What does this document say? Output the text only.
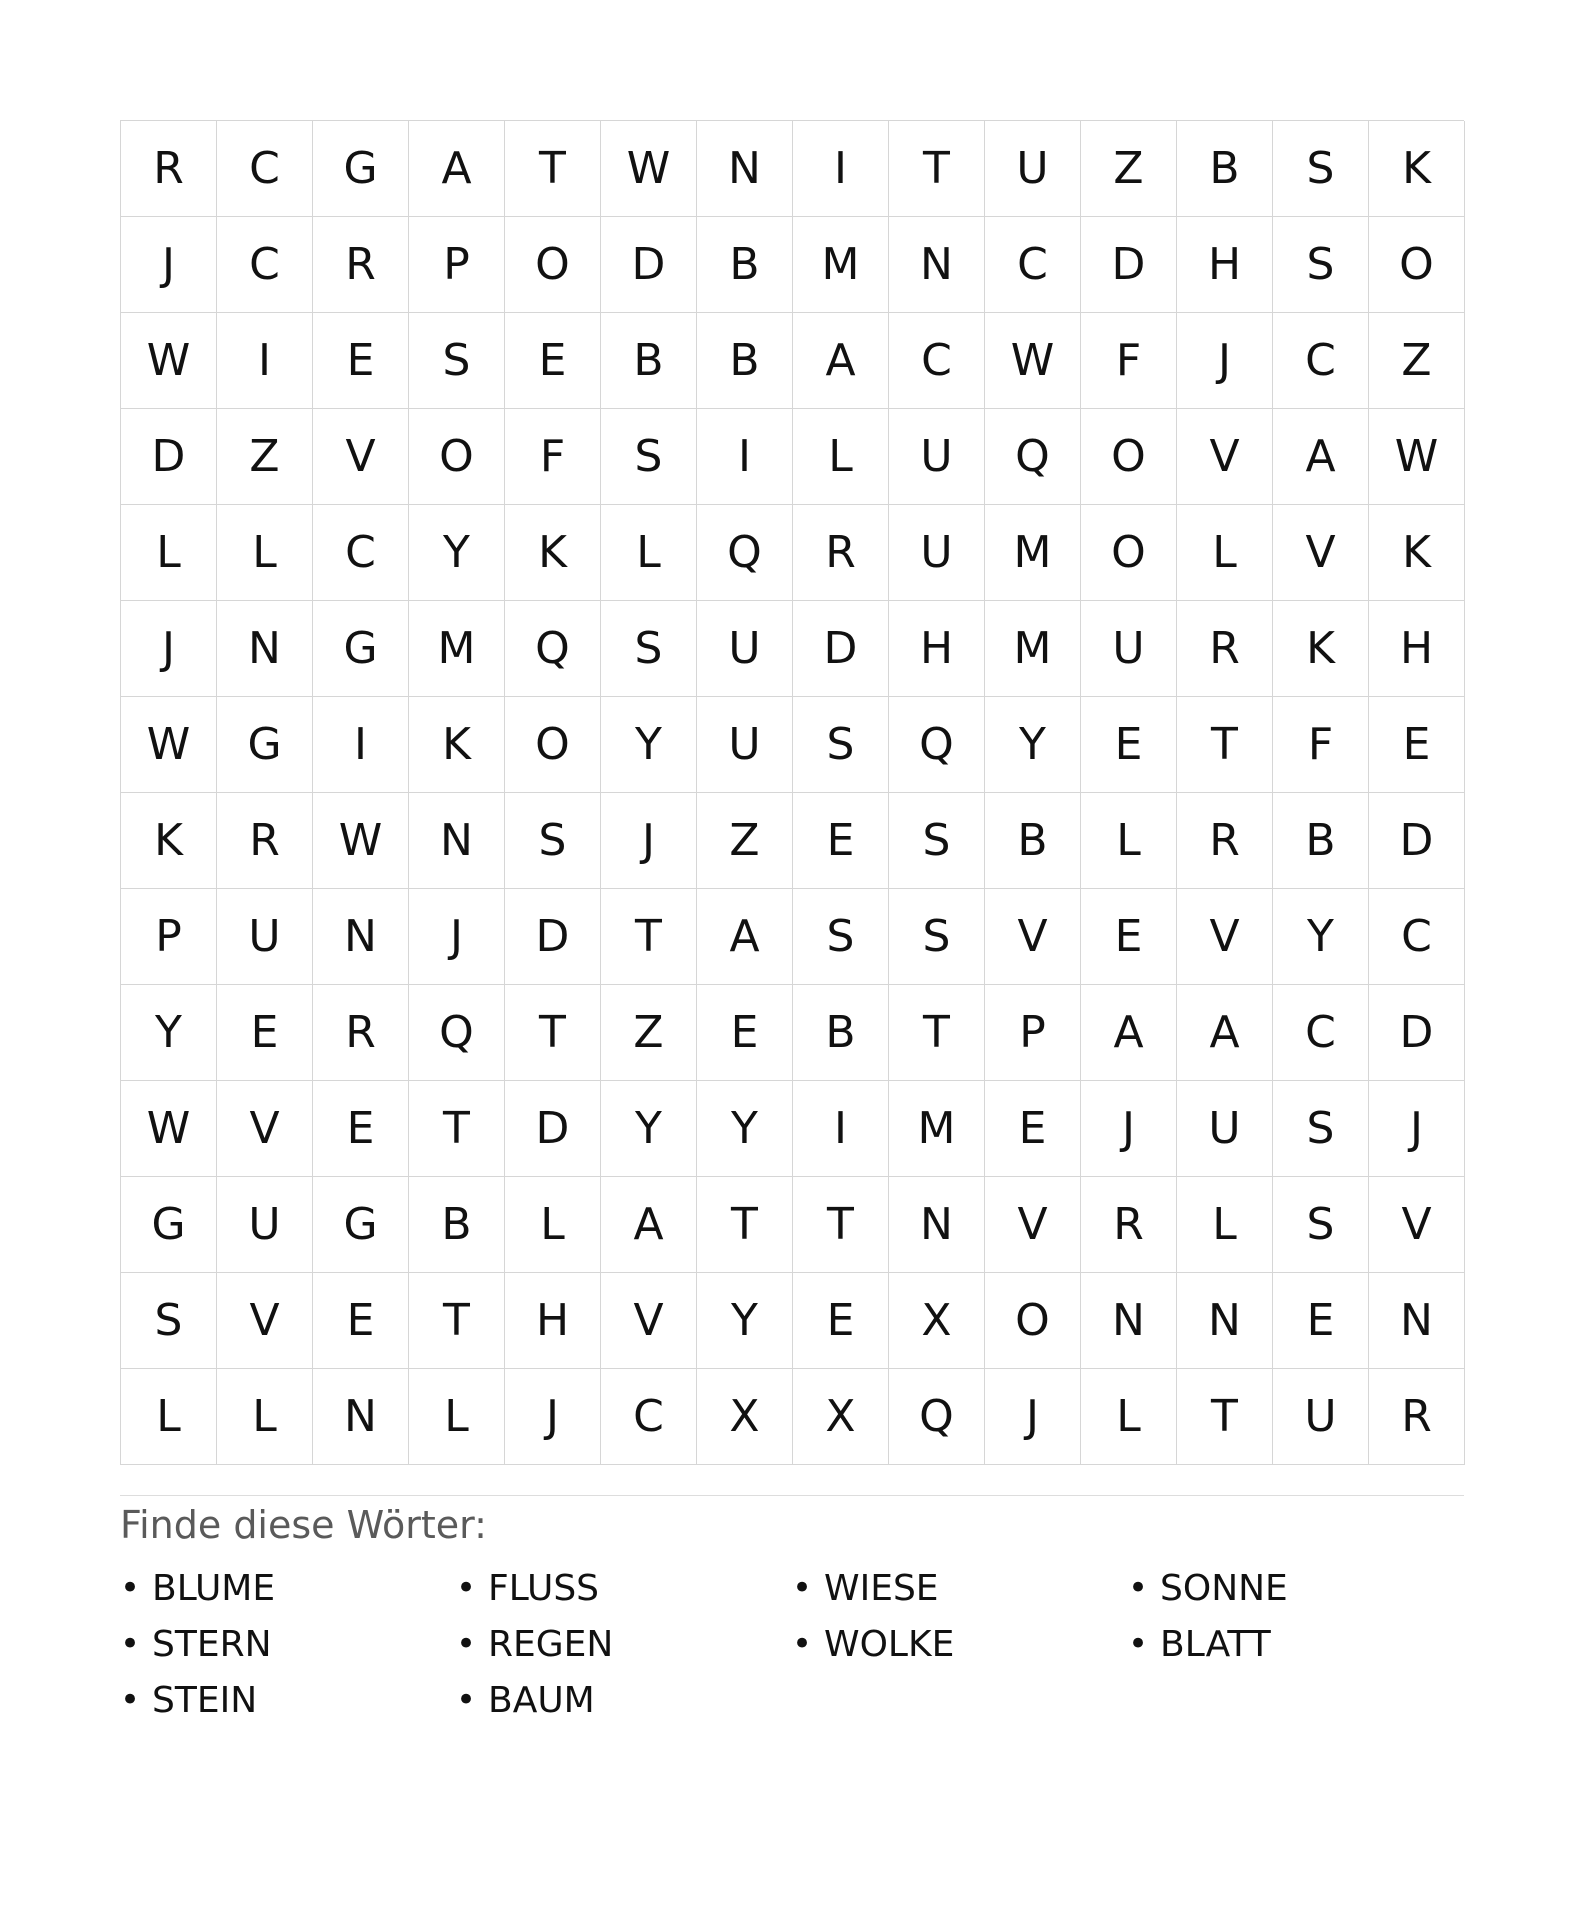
R	C	G	A	T	W	N	I	T	U	Z	B	S	K
J	C	R	P	O	D	B	M	N	C	D	H	S	O
W	I	E	S	E	B	B	A	C	W	F	J	C	Z
D	Z	V	O	F	S	I	L	U	Q	O	V	A	W
L	L	C	Y	K	L	Q	R	U	M	O	L	V	K
J	N	G	M	Q	S	U	D	H	M	U	R	K	H
W	G	I	K	O	Y	U	S	Q	Y	E	T	F	E
K	R	W	N	S	J	Z	E	S	B	L	R	B	D
P	U	N	J	D	T	A	S	S	V	E	V	Y	C
Y	E	R	Q	T	Z	E	B	T	P	A	A	C	D
W	V	E	T	D	Y	Y	I	M	E	J	U	S	J
G	U	G	B	L	A	T	T	N	V	R	L	S	V
S	V	E	T	H	V	Y	E	X	O	N	N	E	N
L	L	N	L	J	C	X	X	Q	J	L	T	U	R
Finde diese Wörter:
• BLUME	• FLUSS	• WIESE	• SONNE
• STERN	• REGEN	• WOLKE	• BLATT
• STEIN	• BAUM
